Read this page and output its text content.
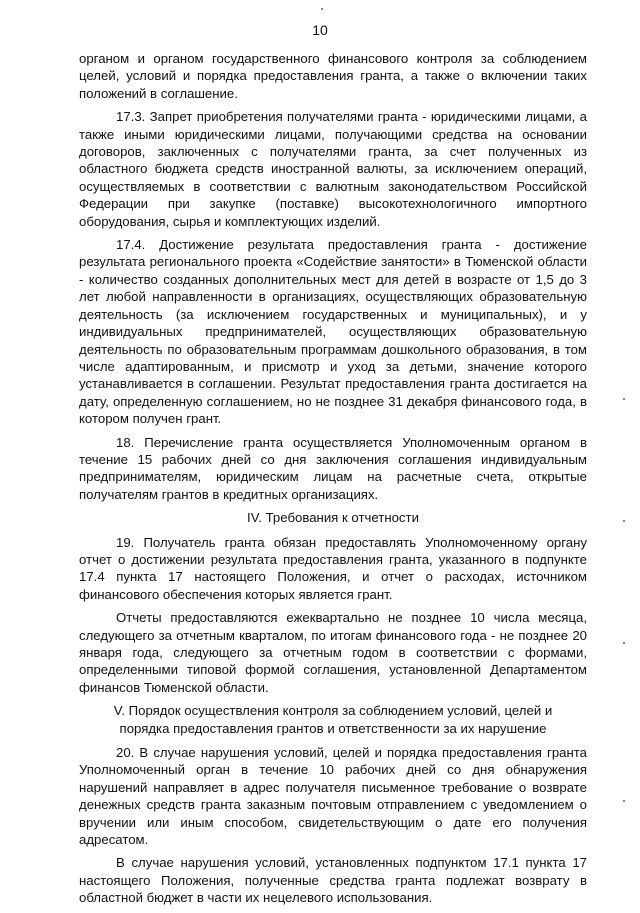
10

органом и органом государственного финансового контроля за соблюдением целей, условий и порядка предоставления гранта, а также о включении таких положений в соглашение.

17.3. Запрет приобретения получателями гранта - юридическими лицами, а также иными юридическими лицами, получающими средства на основании договоров, заключенных с получателями гранта, за счет полученных из областного бюджета средств иностранной валюты, за исключением операций, осуществляемых в соответствии с валютным законодательством Российской Федерации при закупке (поставке) высокотехнологичного импортного оборудования, сырья и комплектующих изделий.

17.4. Достижение результата предоставления гранта - достижение результата регионального проекта «Содействие занятости» в Тюменской области - количество созданных дополнительных мест для детей в возрасте от 1,5 до 3 лет любой направленности в организациях, осуществляющих образовательную деятельность (за исключением государственных и муниципальных), и у индивидуальных предпринимателей, осуществляющих образовательную деятельность по образовательным программам дошкольного образования, в том числе адаптированным, и присмотр и уход за детьми, значение которого устанавливается в соглашении. Результат предоставления гранта достигается на дату, определенную соглашением, но не позднее 31 декабря финансового года, в котором получен грант.

18. Перечисление гранта осуществляется Уполномоченным органом в течение 15 рабочих дней со дня заключения соглашения индивидуальным предпринимателям, юридическим лицам на расчетные счета, открытые получателям грантов в кредитных организациях.

IV. Требования к отчетности

19. Получатель гранта обязан предоставлять Уполномоченному органу отчет о достижении результата предоставления гранта, указанного в подпункте 17.4 пункта 17 настоящего Положения, и отчет о расходах, источником финансового обеспечения которых является грант.

Отчеты предоставляются ежеквартально не позднее 10 числа месяца, следующего за отчетным кварталом, по итогам финансового года - не позднее 20 января года, следующего за отчетным годом в соответствии с формами, определенными типовой формой соглашения, установленной Департаментом финансов Тюменской области.

V. Порядок осуществления контроля за соблюдением условий, целей и порядка предоставления грантов и ответственности за их нарушение

20. В случае нарушения условий, целей и порядка предоставления гранта Уполномоченный орган в течение 10 рабочих дней со дня обнаружения нарушений направляет в адрес получателя письменное требование о возврате денежных средств гранта заказным почтовым отправлением с уведомлением о вручении или иным способом, свидетельствующим о дате его получения адресатом.

В случае нарушения условий, установленных подпунктом 17.1 пункта 17 настоящего Положения, полученные средства гранта подлежат возврату в областной бюджет в части их нецелевого использования.
